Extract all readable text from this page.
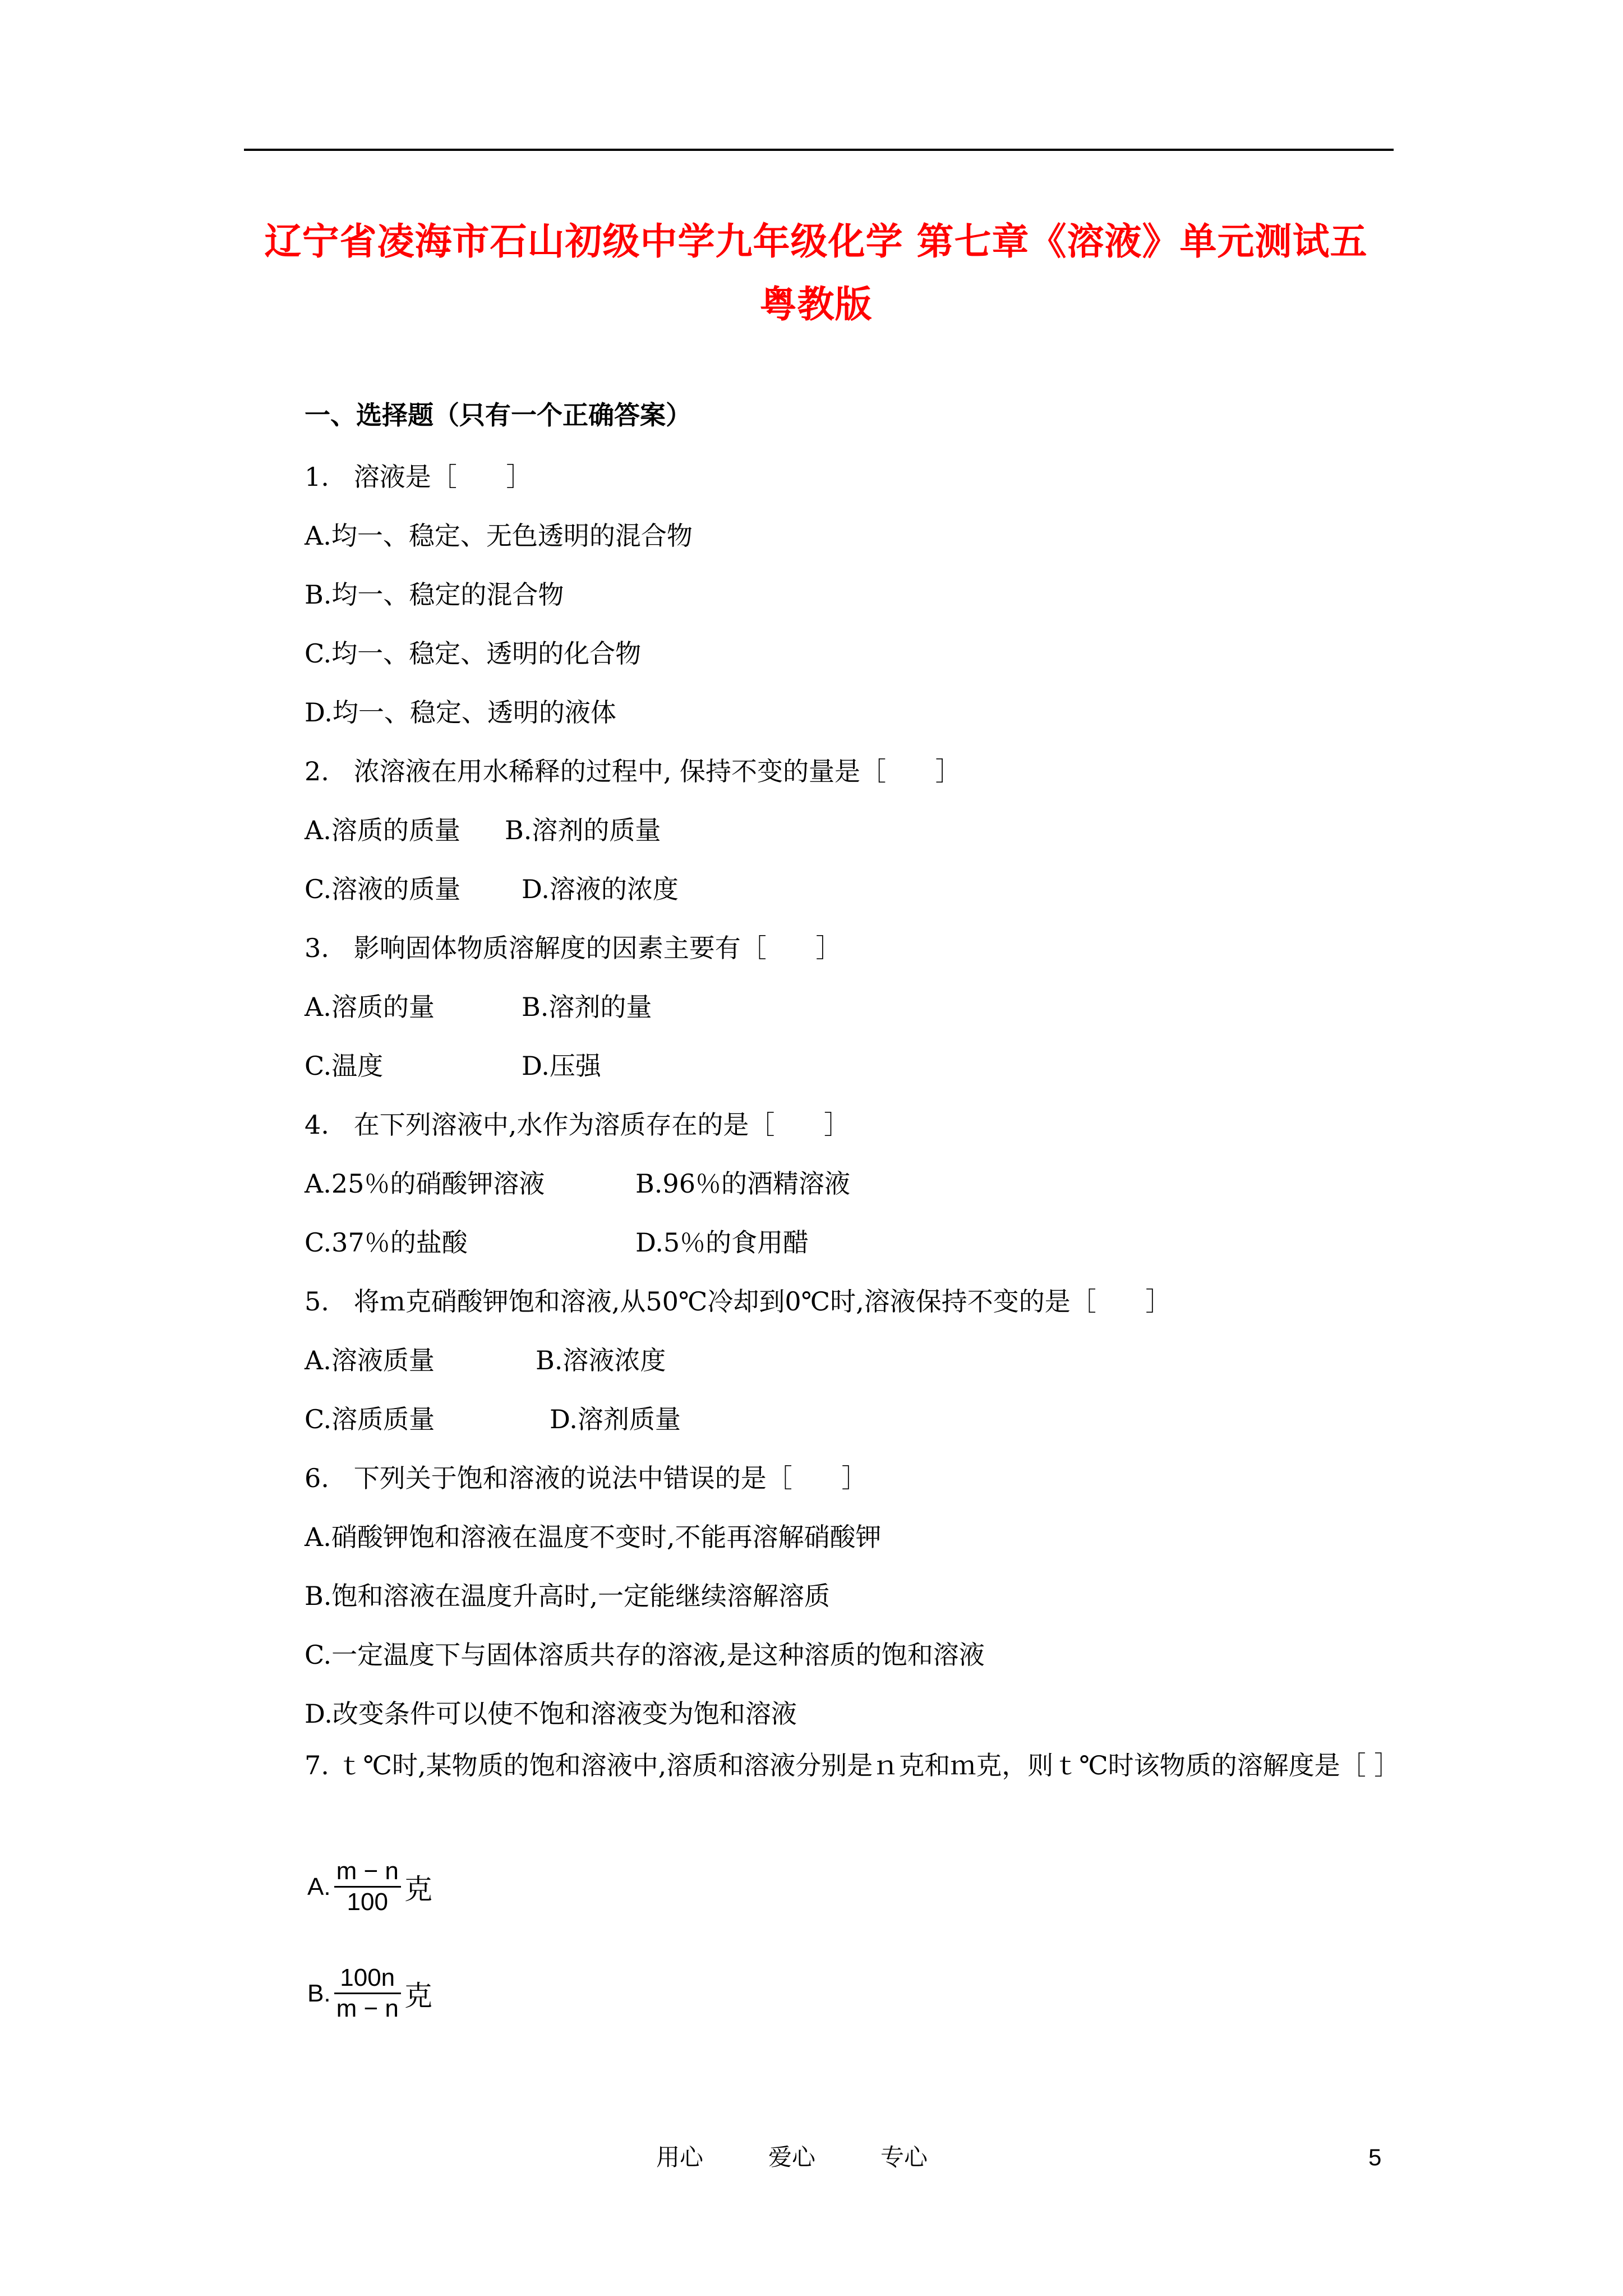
辽宁省凌海市石山初级中学九年级化学 第七章《溶液》单元测试五
粤教版
一、选择题（只有一个正确答案）
1.   溶液是［      ］
A.均一、稳定、无色透明的混合物
B.均一、稳定的混合物
C.均一、稳定、透明的化合物
D.均一、稳定、透明的液体
2.   浓溶液在用水稀释的过程中, 保持不变的量是［      ］
A.溶质的质量 B.溶剂的质量
C.溶液的质量 D.溶液的浓度
3.   影响固体物质溶解度的因素主要有［      ］
A.溶质的量	B.溶剂的量
C.温度	D.压强
4.   在下列溶液中,水作为溶质存在的是［      ］
A.25％的硝酸钾溶液	B.96％的酒精溶液
C.37％的盐酸	D.5％的食用醋
5.   将ｍ克硝酸钾饱和溶液,从50℃冷却到0℃时,溶液保持不变的是［      ］
A.溶液质量	B.溶液浓度
C.溶质质量	D.溶剂质量
6.   下列关于饱和溶液的说法中错误的是［      ］
A.硝酸钾饱和溶液在温度不变时,不能再溶解硝酸钾
B.饱和溶液在温度升高时,一定能继续溶解溶质
C.一定温度下与固体溶质共存的溶液,是这种溶质的饱和溶液
D.改变条件可以使不饱和溶液变为饱和溶液
7. ｔ℃时,某物质的饱和溶液中,溶质和溶液分别是ｎ克和ｍ克，则ｔ℃时该物质的溶解度是［ ］
A. $\frac{m - n}{100}$ 克
B. $\frac{100n}{m - n}$ 克
用心	爱心	专心	5
